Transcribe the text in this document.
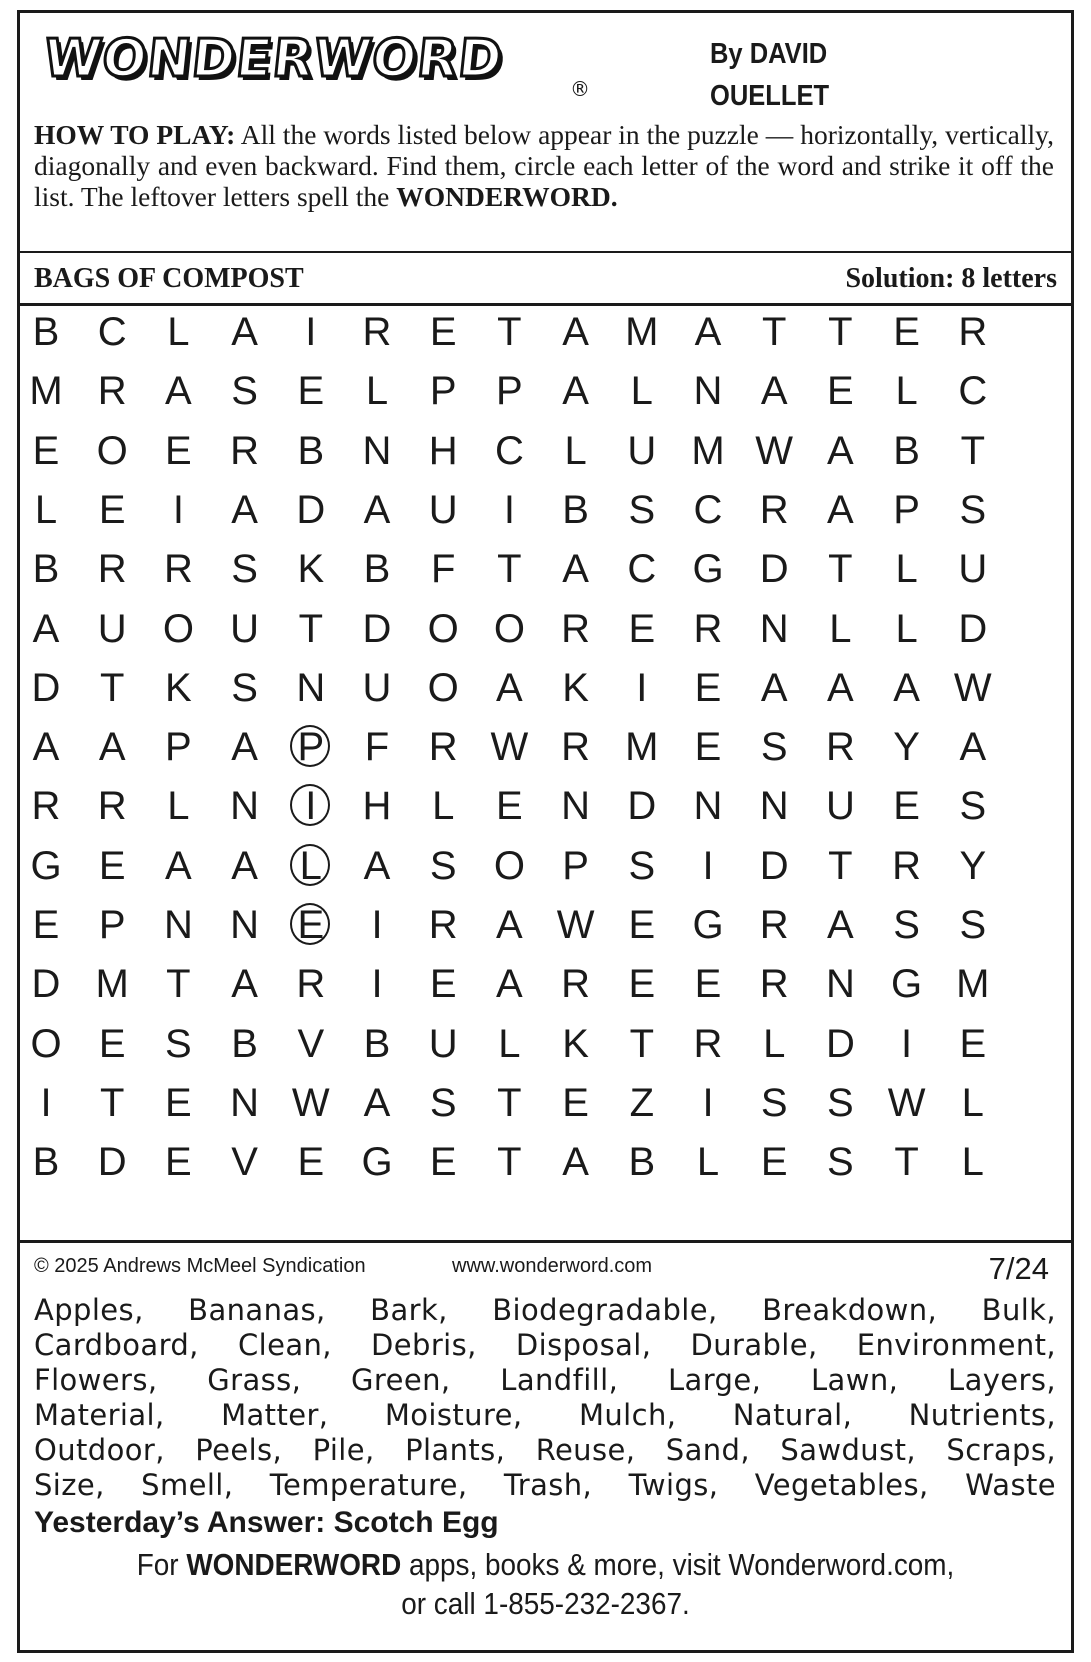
WONDERWORD	®
By DAVID
OUELLET
HOW TO PLAY: All the words listed below appear in the puzzle — horizontally, vertically, diagonally and even backward. Find them, circle each letter of the word and strike it off the list. The leftover letters spell the WONDERWORD.
BAGS OF COMPOST	Solution: 8 letters
B C	L	A	I	R E	T	A M A	T	T	E R
M R A S E	L	P P A	L	N A E	L	C
E O E R B N H C	L	U M W A B	T
L	E	I	A D A U	I	B S C R A P S
B R R S K B	F	T	A C G D T	L	U
A U O U T D O O R E R N	L	L	D
D T	K S N U O A K	I	E A A A W
A A P A P	F R W R M E S R Y A
R R	L	N	I	H	L	E N D N N U E S
G E A A	L	A S O P S	I	D T R Y
E P N N E	I	R A W E G R A S S
D M T	A R	I	E A R E E R N G M
O E S B V B U	L	K	T R	L	D	I	E
I	T	E N W A S	T	E	Z	I	S S W L
B D E V E G E	T	A B	L	E S	T	L
© 2025 Andrews McMeel Syndication	www.wonderword.com	7/24
Apples, Bananas, Bark, Biodegradable, Breakdown, Bulk,
Cardboard, Clean, Debris, Disposal, Durable, Environment,
Flowers, Grass, Green, Landfill, Large, Lawn, Layers,
Material, Matter, Moisture, Mulch, Natural, Nutrients,
Outdoor, Peels, Pile, Plants, Reuse, Sand, Sawdust, Scraps,
Size, Smell, Temperature, Trash, Twigs, Vegetables, Waste
Yesterday’s Answer: Scotch Egg
For WONDERWORD apps, books & more, visit Wonderword.com,
or call 1-855-232-2367.
